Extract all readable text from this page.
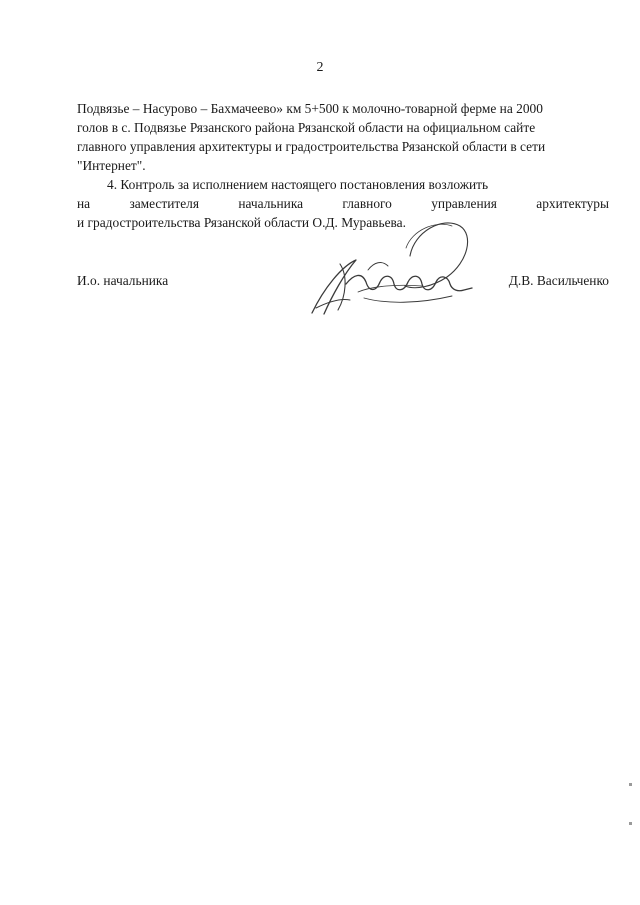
2
Подвязье – Насурово – Бахмачеево» км 5+500 к молочно-товарной ферме на 2000
голов в с. Подвязье Рязанского района Рязанской области на официальном сайте
главного управления архитектуры и градостроительства Рязанской области в сети
"Интернет".
4. Контроль за исполнением настоящего постановления возложить
на	заместителя	начальника	главного	управления	архитектуры
и градостроительства Рязанской области О.Д. Муравьева.
И.о. начальника	Д.В. Васильченко
